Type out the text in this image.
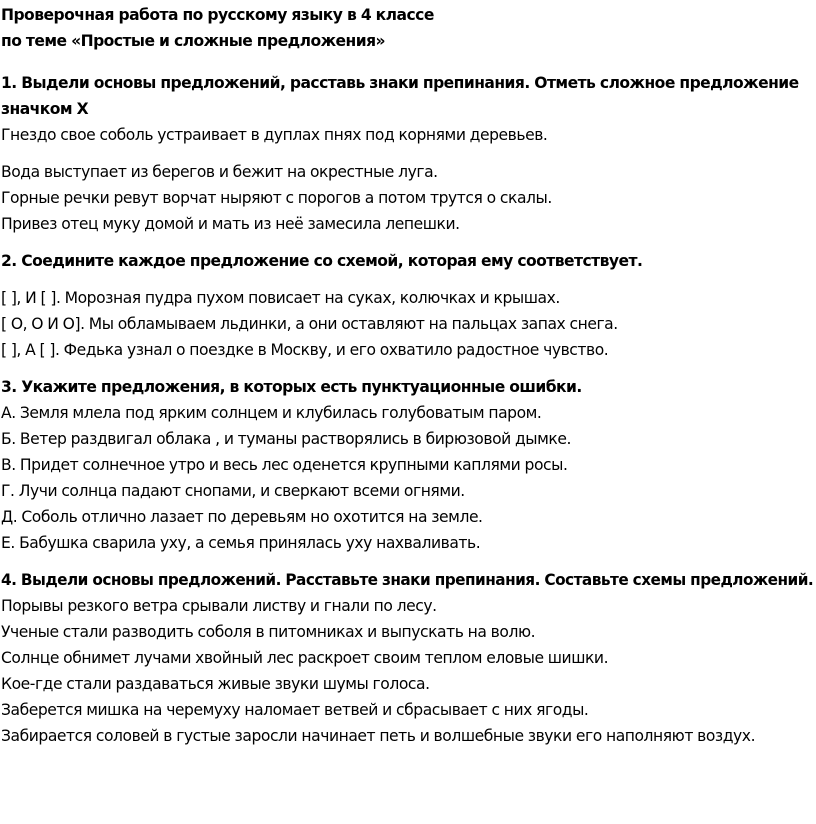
Проверочная работа по русскому языку в 4 классе
по теме «Простые и сложные предложения»
1. Выдели основы предложений, расставь знаки препинания. Отметь сложное предложение
значком Х
Гнездо свое соболь устраивает в дуплах пнях под корнями деревьев.
Вода выступает из берегов и бежит на окрестные луга.
Горные речки ревут ворчат ныряют с порогов а потом трутся о скалы.
Привез отец муку домой и мать из неё замесила лепешки.
2. Соедините каждое предложение со схемой, которая ему соответствует.
[ ], И [ ]. Морозная пудра пухом повисает на суках, колючках и крышах.
[ О, О И О]. Мы обламываем льдинки, а они оставляют на пальцах запах снега.
[ ], А [ ]. Федька узнал о поездке в Москву, и его охватило радостное чувство.
3. Укажите предложения, в которых есть пунктуационные ошибки.
А. Земля млела под ярким солнцем и клубилась голубоватым паром.
Б. Ветер раздвигал облака , и туманы растворялись в бирюзовой дымке.
В. Придет солнечное утро и весь лес оденется крупными каплями росы.
Г. Лучи солнца падают снопами, и сверкают всеми огнями.
Д. Соболь отлично лазает по деревьям но охотится на земле.
Е. Бабушка сварила уху, а семья принялась уху нахваливать.
4. Выдели основы предложений. Расставьте знаки препинания. Составьте схемы предложений.
Порывы резкого ветра срывали листву и гнали по лесу.
Ученые стали разводить соболя в питомниках и выпускать на волю.
Солнце обнимет лучами хвойный лес раскроет своим теплом еловые шишки.
Кое-где стали раздаваться живые звуки шумы голоса.
Заберется мишка на черемуху наломает ветвей и сбрасывает с них ягоды.
Забирается соловей в густые заросли начинает петь и волшебные звуки его наполняют воздух.
